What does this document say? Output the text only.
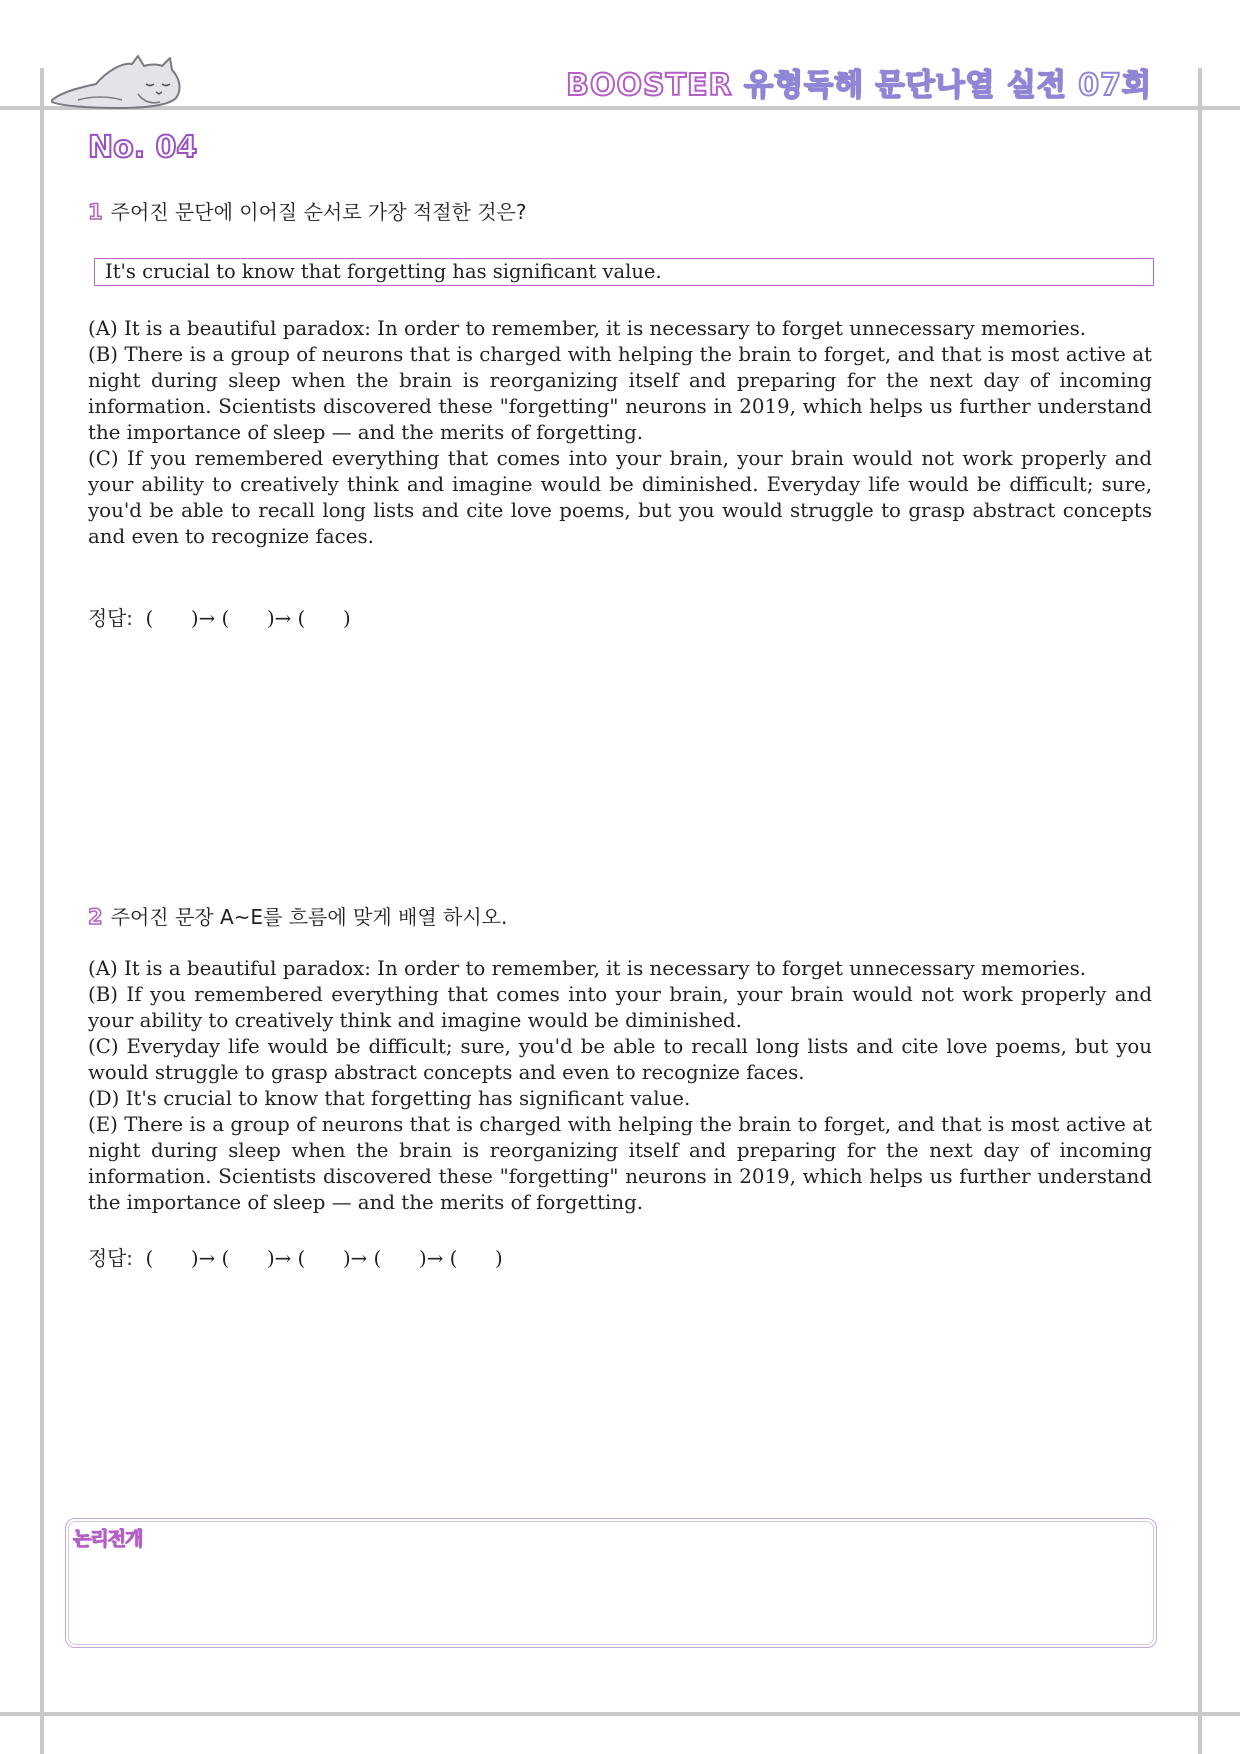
BOOSTER 유형독해 문단나열 실전 07회
No. 04
1 주어진 문단에 이어질 순서로 가장 적절한 것은?
It's crucial to know that forgetting has significant value.

(A) It is a beautiful paradox: In order to remember, it is necessary to forget unnecessary memories.

(B) There is a group of neurons that is charged with helping the brain to forget, and that is most active at night during sleep when the brain is reorganizing itself and preparing for the next day of incoming information. Scientists discovered these "forgetting" neurons in 2019, which helps us further understand the importance of sleep — and the merits of forgetting.

(C) If you remembered everything that comes into your brain, your brain would not work properly and your ability to creatively think and imagine would be diminished. Everyday life would be difficult; sure, you'd be able to recall long lists and cite love poems, but you would struggle to grasp abstract concepts and even to recognize faces.

정답: (      )→ (      )→ (      )
2 주어진 문장 A~E를 흐름에 맞게 배열 하시오.

(A) It is a beautiful paradox: In order to remember, it is necessary to forget unnecessary memories.

(B) If you remembered everything that comes into your brain, your brain would not work properly and your ability to creatively think and imagine would be diminished.

(C) Everyday life would be difficult; sure, you'd be able to recall long lists and cite love poems, but you would struggle to grasp abstract concepts and even to recognize faces.

(D) It's crucial to know that forgetting has significant value.

(E) There is a group of neurons that is charged with helping the brain to forget, and that is most active at night during sleep when the brain is reorganizing itself and preparing for the next day of incoming information. Scientists discovered these "forgetting" neurons in 2019, which helps us further understand the importance of sleep — and the merits of forgetting.

정답: (      )→ (      )→ (      )→ (      )→ (      )
논리전개
